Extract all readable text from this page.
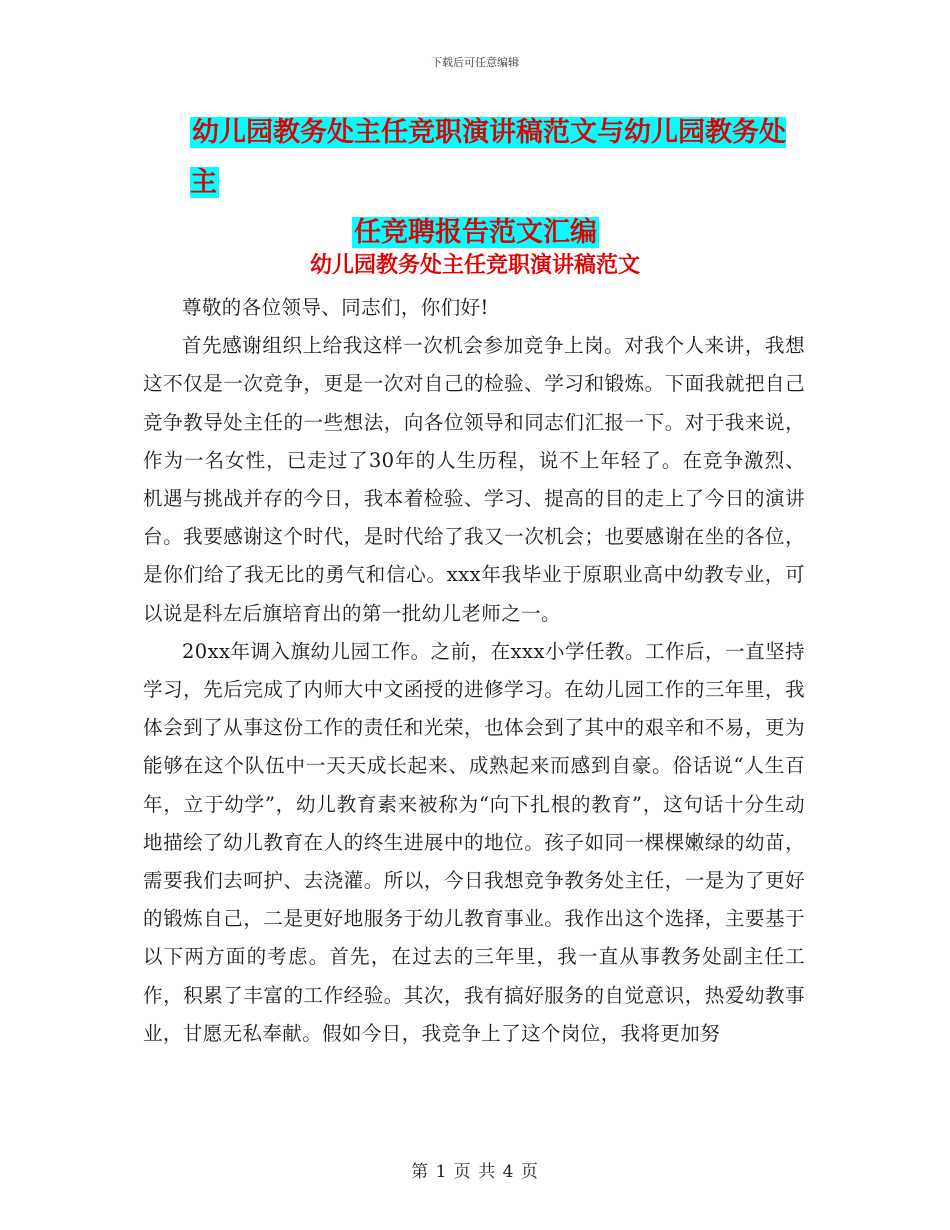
下载后可任意编辑
幼儿园教务处主任竞职演讲稿范文与幼儿园教务处主
任竞聘报告范文汇编
幼儿园教务处主任竞职演讲稿范文

尊敬的各位领导、同志们，你们好!

首先感谢组织上给我这样一次机会参加竞争上岗。对我个人来讲，我想这不仅是一次竞争，更是一次对自己的检验、学习和锻炼。下面我就把自己竞争教导处主任的一些想法，向各位领导和同志们汇报一下。对于我来说，作为一名女性，已走过了30年的人生历程，说不上年轻了。在竞争激烈、机遇与挑战并存的今日，我本着检验、学习、提高的目的走上了今日的演讲台。我要感谢这个时代，是时代给了我又一次机会；也要感谢在坐的各位，是你们给了我无比的勇气和信心。xxx年我毕业于原职业高中幼教专业，可以说是科左后旗培育出的第一批幼儿老师之一。

20xx年调入旗幼儿园工作。之前，在xxx小学任教。工作后，一直坚持学习，先后完成了内师大中文函授的进修学习。在幼儿园工作的三年里，我体会到了从事这份工作的责任和光荣，也体会到了其中的艰辛和不易，更为能够在这个队伍中一天天成长起来、成熟起来而感到自豪。俗话说“人生百年，立于幼学”，幼儿教育素来被称为“向下扎根的教育”，这句话十分生动地描绘了幼儿教育在人的终生进展中的地位。孩子如同一棵棵嫩绿的幼苗，需要我们去呵护、去浇灌。所以，今日我想竞争教务处主任，一是为了更好的锻炼自己，二是更好地服务于幼儿教育事业。我作出这个选择，主要基于以下两方面的考虑。首先，在过去的三年里，我一直从事教务处副主任工作，积累了丰富的工作经验。其次，我有搞好服务的自觉意识，热爱幼教事业，甘愿无私奉献。假如今日，我竞争上了这个岗位，我将更加努

第 1 页 共 4 页
